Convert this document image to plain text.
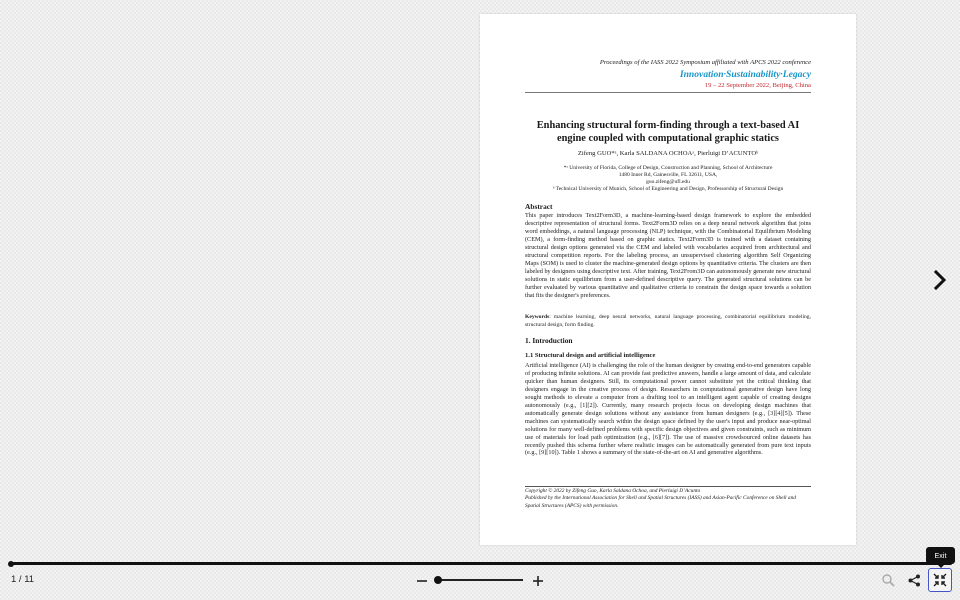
Proceedings of the IASS 2022 Symposium affiliated with APCS 2022 conference
Innovation·Sustainability·Legacy
19 – 22 September 2022, Beijing, China
Enhancing structural form-finding through a text-based AI engine coupled with computational graphic statics
Zifeng GUO*ᵃ, Karla SALDANA OCHOAᵃ, Pierluigi D’ACUNTOᵇ
*ᵃ University of Florida, College of Design, Construction and Planning, School of Architecture
1480 Inner Rd, Gainesville, FL 32611, USA,
guo.zifeng@ufl.edu
ᵇ Technical University of Munich, School of Engineering and Design, Professorship of Structural Design
Abstract
This paper introduces Text2Form3D, a machine-learning-based design framework to explore the embedded descriptive representation of structural forms. Text2Form3D relies on a deep neural network algorithm that joins word embeddings, a natural language processing (NLP) technique, with the Combinatorial Equilibrium Modeling (CEM), a form-finding method based on graphic statics. Text2Form3D is trained with a dataset containing structural design options generated via the CEM and labeled with vocabularies acquired from architectural and structural competition reports. For the labeling process, an unsupervised clustering algorithm Self Organizing Maps (SOM) is used to cluster the machine-generated design options by quantitative criteria. The clusters are then labeled by designers using descriptive text. After training, Text2From3D can autonomously generate new structural solutions in static equilibrium from a user-defined descriptive query. The generated structural solutions can be further evaluated by various quantitative and qualitative criteria to constrain the design space towards a solution that fits the designer's preferences.
Keywords: machine learning, deep neural networks, natural language processing, combinatorial equilibrium modeling, structural design, form finding.
1. Introduction
1.1 Structural design and artificial intelligence
Artificial intelligence (AI) is challenging the role of the human designer by creating end-to-end generators capable of producing infinite solutions. AI can provide fast predictive answers, handle a large amount of data, and calculate quicker than human designers. Still, its computational power cannot substitute yet the critical thinking that designers engage in the creative process of design. Researchers in computational generative design have long sought methods to elevate a computer from a drafting tool to an intelligent agent capable of creating designs autonomously (e.g., [1][2]). Currently, many research projects focus on developing design machines that automatically generate design solutions without any assistance from human designers (e.g., [3][4][5]). These machines can systematically search within the design space defined by the user's input and produce near-optimal solutions for many well-defined problems with specific design objectives and given constraints, such as minimum use of materials for load path optimization (e.g., [6][7]). The use of massive crowdsourced online datasets has recently pushed this schema further where realistic images can be automatically generated from pure text inputs (e.g., [9][10]). Table 1 shows a summary of the state-of-the-art on AI and generative algorithms.
Copyright © 2022 by Zifeng Guo, Karla Saldana Ochoa, and Pierluigi D’Acunto
Published by the International Association for Shell and Spatial Structures (IASS) and Asian-Pacific Conference on Shell and Spatial Structures (APCS) with permission.
1 / 11
Exit
